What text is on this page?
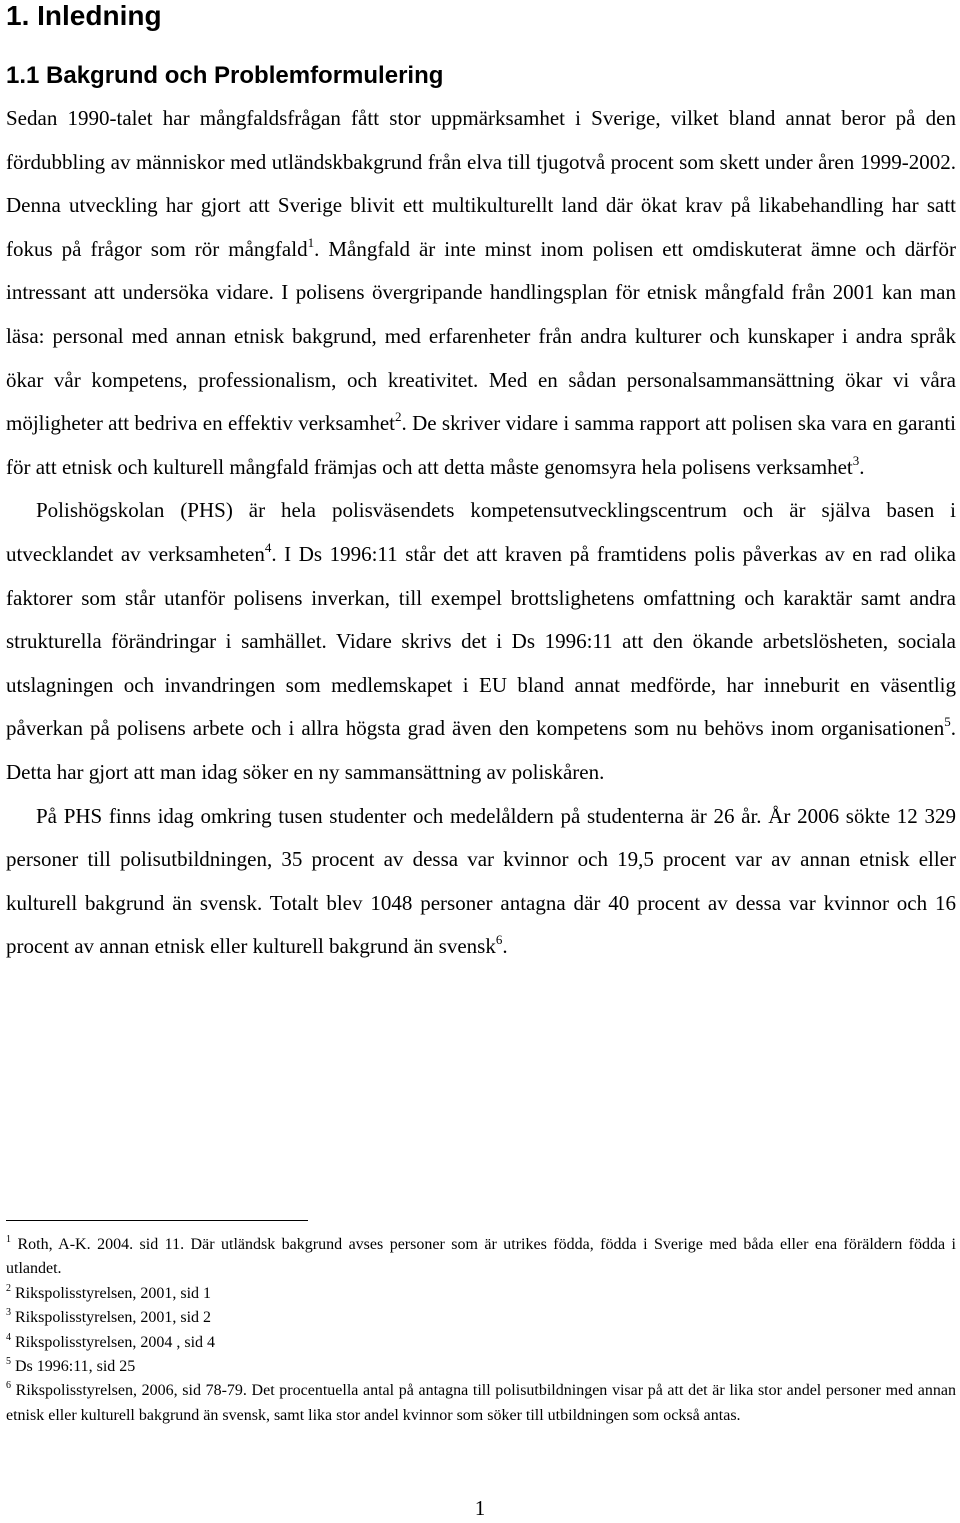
1. Inledning
1.1 Bakgrund och Problemformulering

Sedan 1990-talet har mångfaldsfrågan fått stor uppmärksamhet i Sverige, vilket bland annat beror på den fördubbling av människor med utländskbakgrund från elva till tjugotvå procent som skett under åren 1999-2002. Denna utveckling har gjort att Sverige blivit ett multikulturellt land där ökat krav på likabehandling har satt fokus på frågor som rör mångfald$^1$. Mångfald är inte minst inom polisen ett omdiskuterat ämne och därför intressant att undersöka vidare. I polisens övergripande handlingsplan för etnisk mångfald från 2001 kan man läsa: personal med annan etnisk bakgrund, med erfarenheter från andra kulturer och kunskaper i andra språk ökar vår kompetens, professionalism, och kreativitet. Med en sådan personalsammansättning ökar vi våra möjligheter att bedriva en effektiv verksamhet$^2$. De skriver vidare i samma rapport att polisen ska vara en garanti för att etnisk och kulturell mångfald främjas och att detta måste genomsyra hela polisens verksamhet$^3$.

Polishögskolan (PHS) är hela polisväsendets kompetensutvecklingscentrum och är själva basen i utvecklandet av verksamheten$^4$. I Ds 1996:11 står det att kraven på framtidens polis påverkas av en rad olika faktorer som står utanför polisens inverkan, till exempel brottslighetens omfattning och karaktär samt andra strukturella förändringar i samhället. Vidare skrivs det i Ds 1996:11 att den ökande arbetslösheten, sociala utslagningen och invandringen som medlemskapet i EU bland annat medförde, har inneburit en väsentlig påverkan på polisens arbete och i allra högsta grad även den kompetens som nu behövs inom organisationen$^5$. Detta har gjort att man idag söker en ny sammansättning av poliskåren.

På PHS finns idag omkring tusen studenter och medelåldern på studenterna är 26 år. År 2006 sökte 12 329 personer till polisutbildningen, 35 procent av dessa var kvinnor och 19,5 procent var av annan etnisk eller kulturell bakgrund än svensk. Totalt blev 1048 personer antagna där 40 procent av dessa var kvinnor och 16 procent av annan etnisk eller kulturell bakgrund än svensk$^6$.

$^1$ Roth, A-K. 2004. sid 11. Där utländsk bakgrund avses personer som är utrikes födda, födda i Sverige med båda eller ena föräldern födda i utlandet.

$^2$ Rikspolisstyrelsen, 2001, sid 1

$^3$ Rikspolisstyrelsen, 2001, sid 2

$^4$ Rikspolisstyrelsen, 2004 , sid 4

$^5$ Ds 1996:11, sid 25

$^6$ Rikspolisstyrelsen, 2006, sid 78-79. Det procentuella antal på antagna till polisutbildningen visar på att det är lika stor andel personer med annan etnisk eller kulturell bakgrund än svensk, samt lika stor andel kvinnor som söker till utbildningen som också antas.

1
